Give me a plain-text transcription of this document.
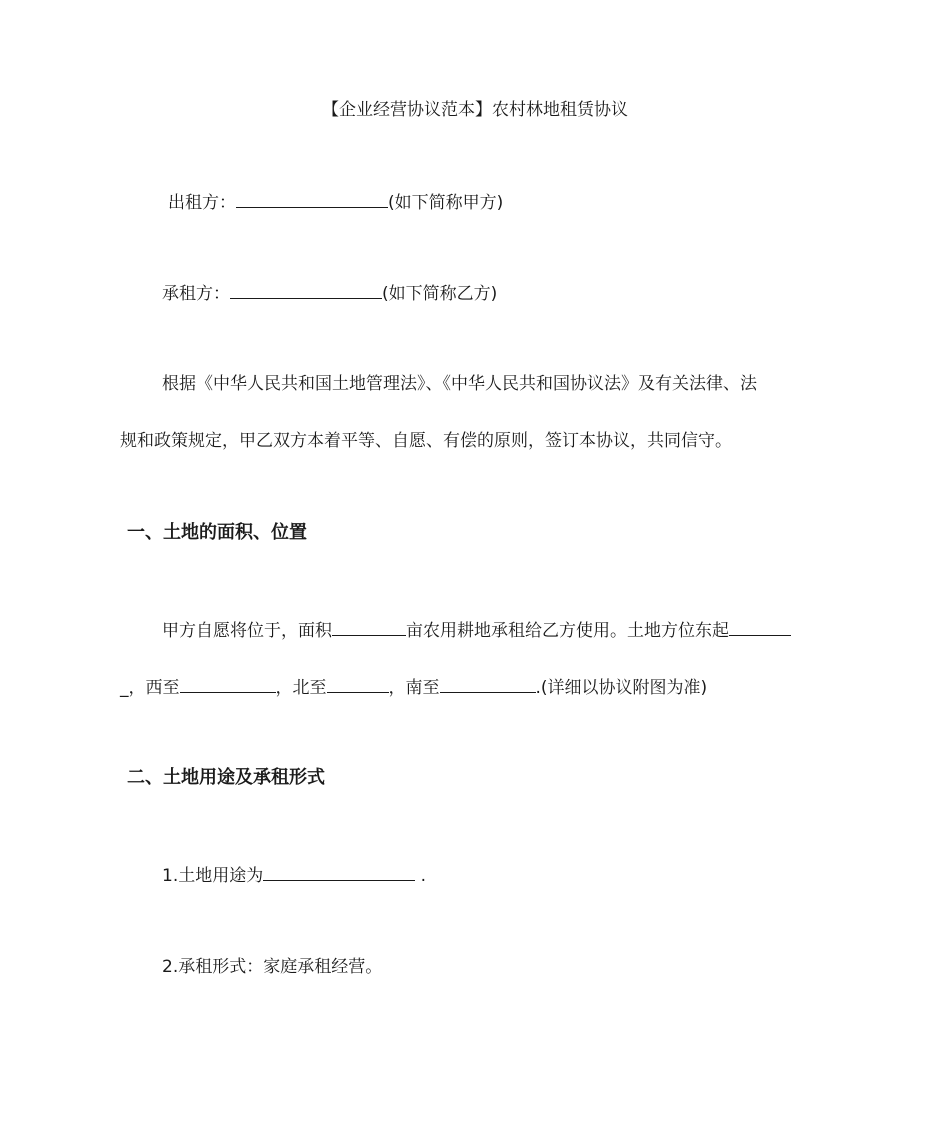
【企业经营协议范本】农村林地租赁协议
出租方：	(如下简称甲方)
承租方：	(如下简称乙方)
根据《中华人民共和国土地管理法》、《中华人民共和国协议法》及有关法律、法
规和政策规定，甲乙双方本着平等、自愿、有偿的原则，签订本协议，共同信守。
一、土地的面积、位置
甲方自愿将位于，面积	亩农用耕地承租给乙方使用。土地方位东起
_，西至	，北至	，南至	.(详细以协议附图为准)
二、土地用途及承租形式
1.土地用途为	.
2.承租形式：家庭承租经营。
